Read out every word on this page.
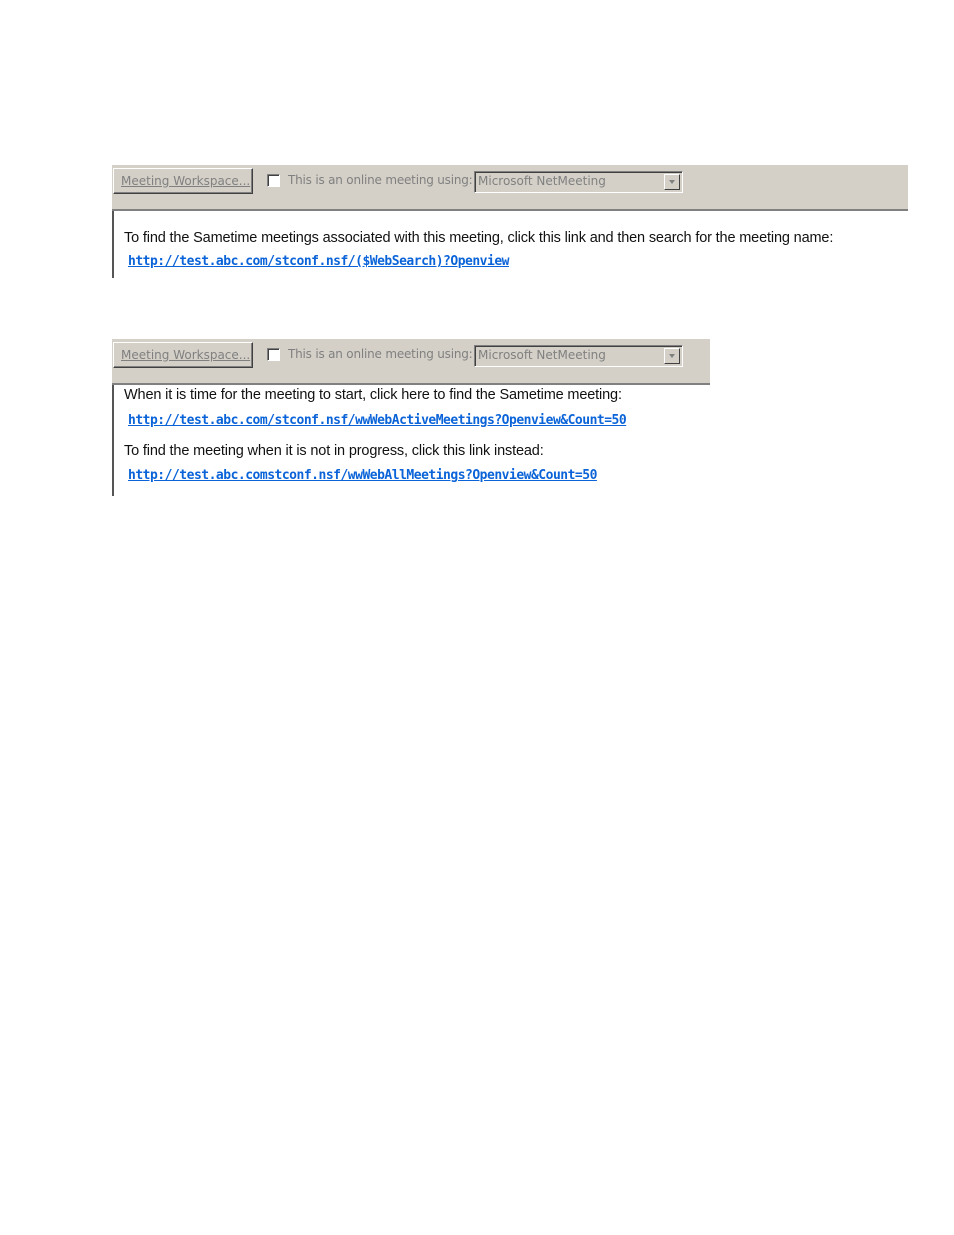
Meeting Workspace...	This is an online meeting using: Microsoft NetMeeting
To find the Sametime meetings associated with this meeting, click this link and then search for the meeting name:
http://test.abc.com/stconf.nsf/($WebSearch)?Openview
Meeting Workspace...	This is an online meeting using: Microsoft NetMeeting
When it is time for the meeting to start, click here to find the Sametime meeting:
http://test.abc.com/stconf.nsf/wwWebActiveMeetings?Openview&Count=50
To find the meeting when it is not in progress, click this link instead:
http://test.abc.comstconf.nsf/wwWebAllMeetings?Openview&Count=50
